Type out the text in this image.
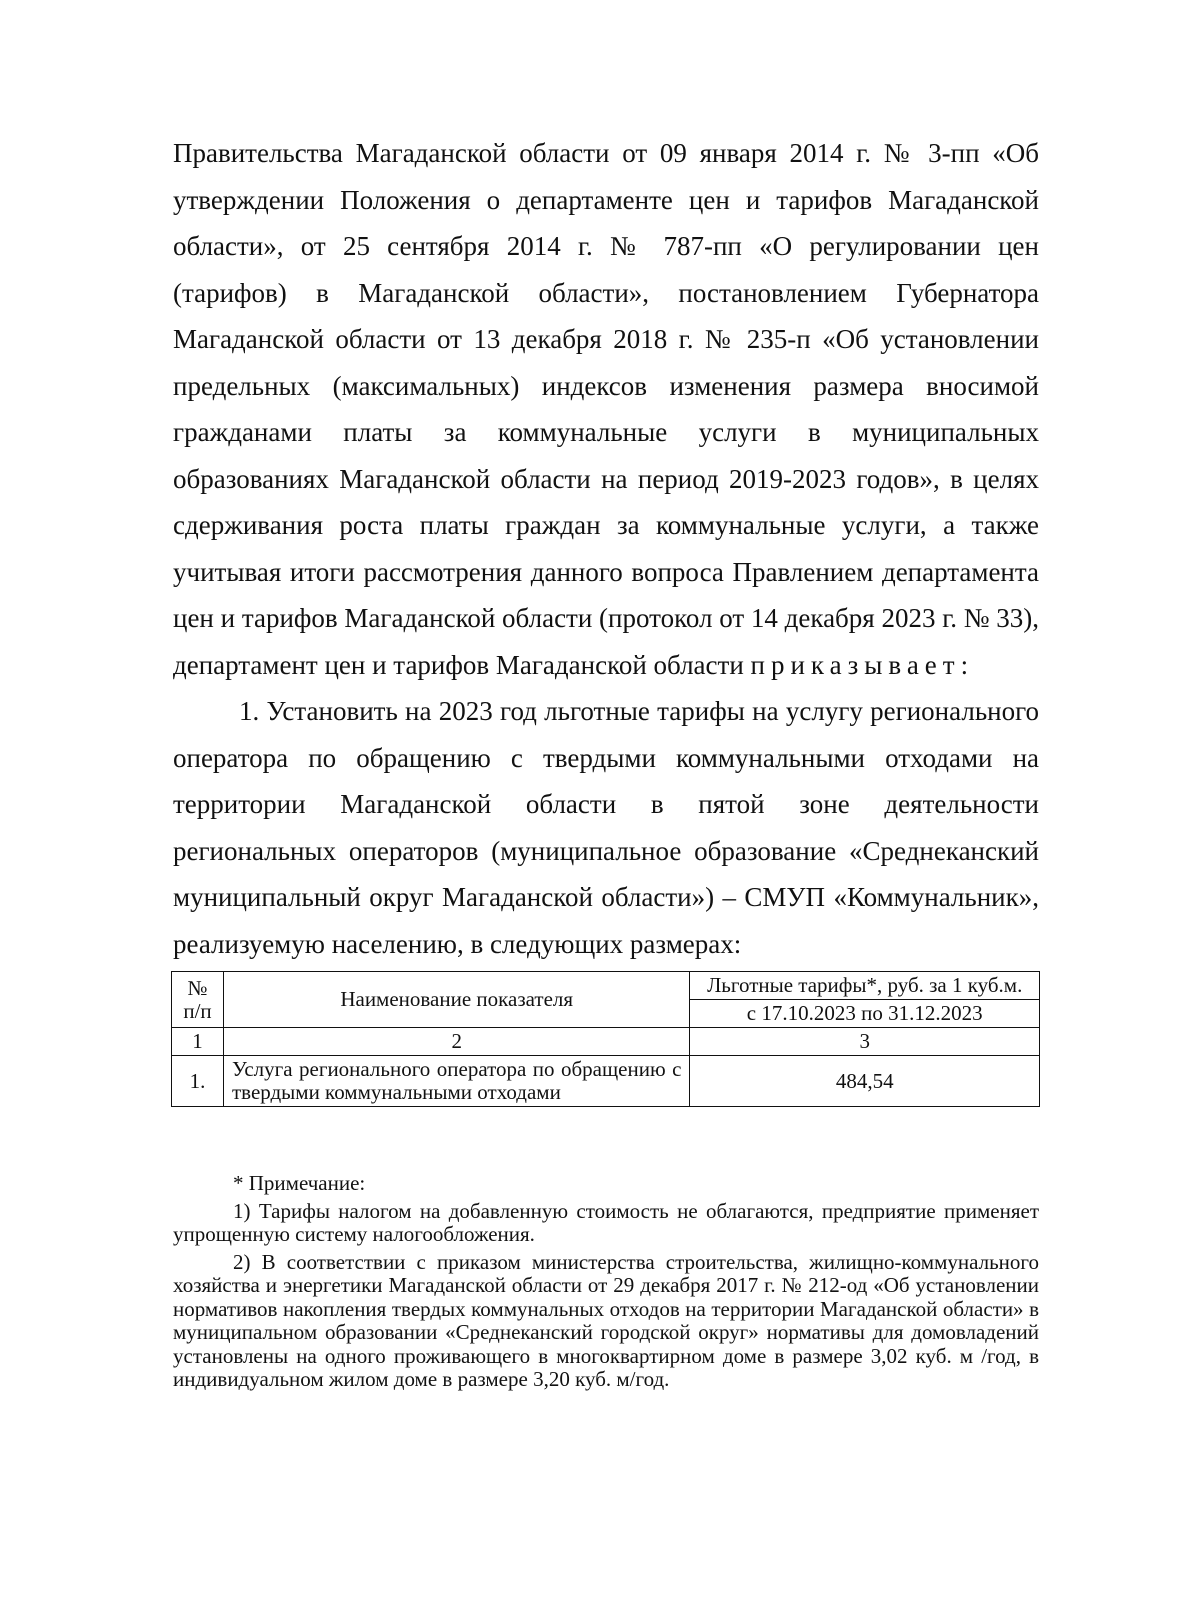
Правительства Магаданской области от 09 января 2014 г. № 3-пп «Об утверждении Положения о департаменте цен и тарифов Магаданской области», от 25 сентября 2014 г. № 787-пп «О регулировании цен (тарифов) в Магаданской области», постановлением Губернатора Магаданской области от 13 декабря 2018 г. № 235-п «Об установлении предельных (максимальных) индексов изменения размера вносимой гражданами платы за коммунальные услуги в муниципальных образованиях Магаданской области на период 2019-2023 годов», в целях сдерживания роста платы граждан за коммунальные услуги, а также учитывая итоги рассмотрения данного вопроса Правлением департамента цен и тарифов Магаданской области (протокол от 14 декабря 2023 г. № 33), департамент цен и тарифов Магаданской области приказывает:

1. Установить на 2023 год льготные тарифы на услугу регионального оператора по обращению с твердыми коммунальными отходами на территории Магаданской области в пятой зоне деятельности региональных операторов (муниципальное образование «Среднеканский муниципальный округ Магаданской области») – СМУП «Коммунальник», реализуемую населению, в следующих размерах:

№ п/п	Наименование показателя	Льготные тарифы*, руб. за 1 куб.м.
		с 17.10.2023 по 31.12.2023
1	2	3
1.	Услуга регионального оператора по обращению с твердыми коммунальными отходами	484,54

* Примечание:

1) Тарифы налогом на добавленную стоимость не облагаются, предприятие применяет упрощенную систему налогообложения.

2) В соответствии с приказом министерства строительства, жилищно-коммунального хозяйства и энергетики Магаданской области от 29 декабря 2017 г. № 212-од «Об установлении нормативов накопления твердых коммунальных отходов на территории Магаданской области» в муниципальном образовании «Среднеканский городской округ» нормативы для домовладений установлены на одного проживающего в многоквартирном доме в размере 3,02 куб. м /год, в индивидуальном жилом доме в размере 3,20 куб. м/год.
